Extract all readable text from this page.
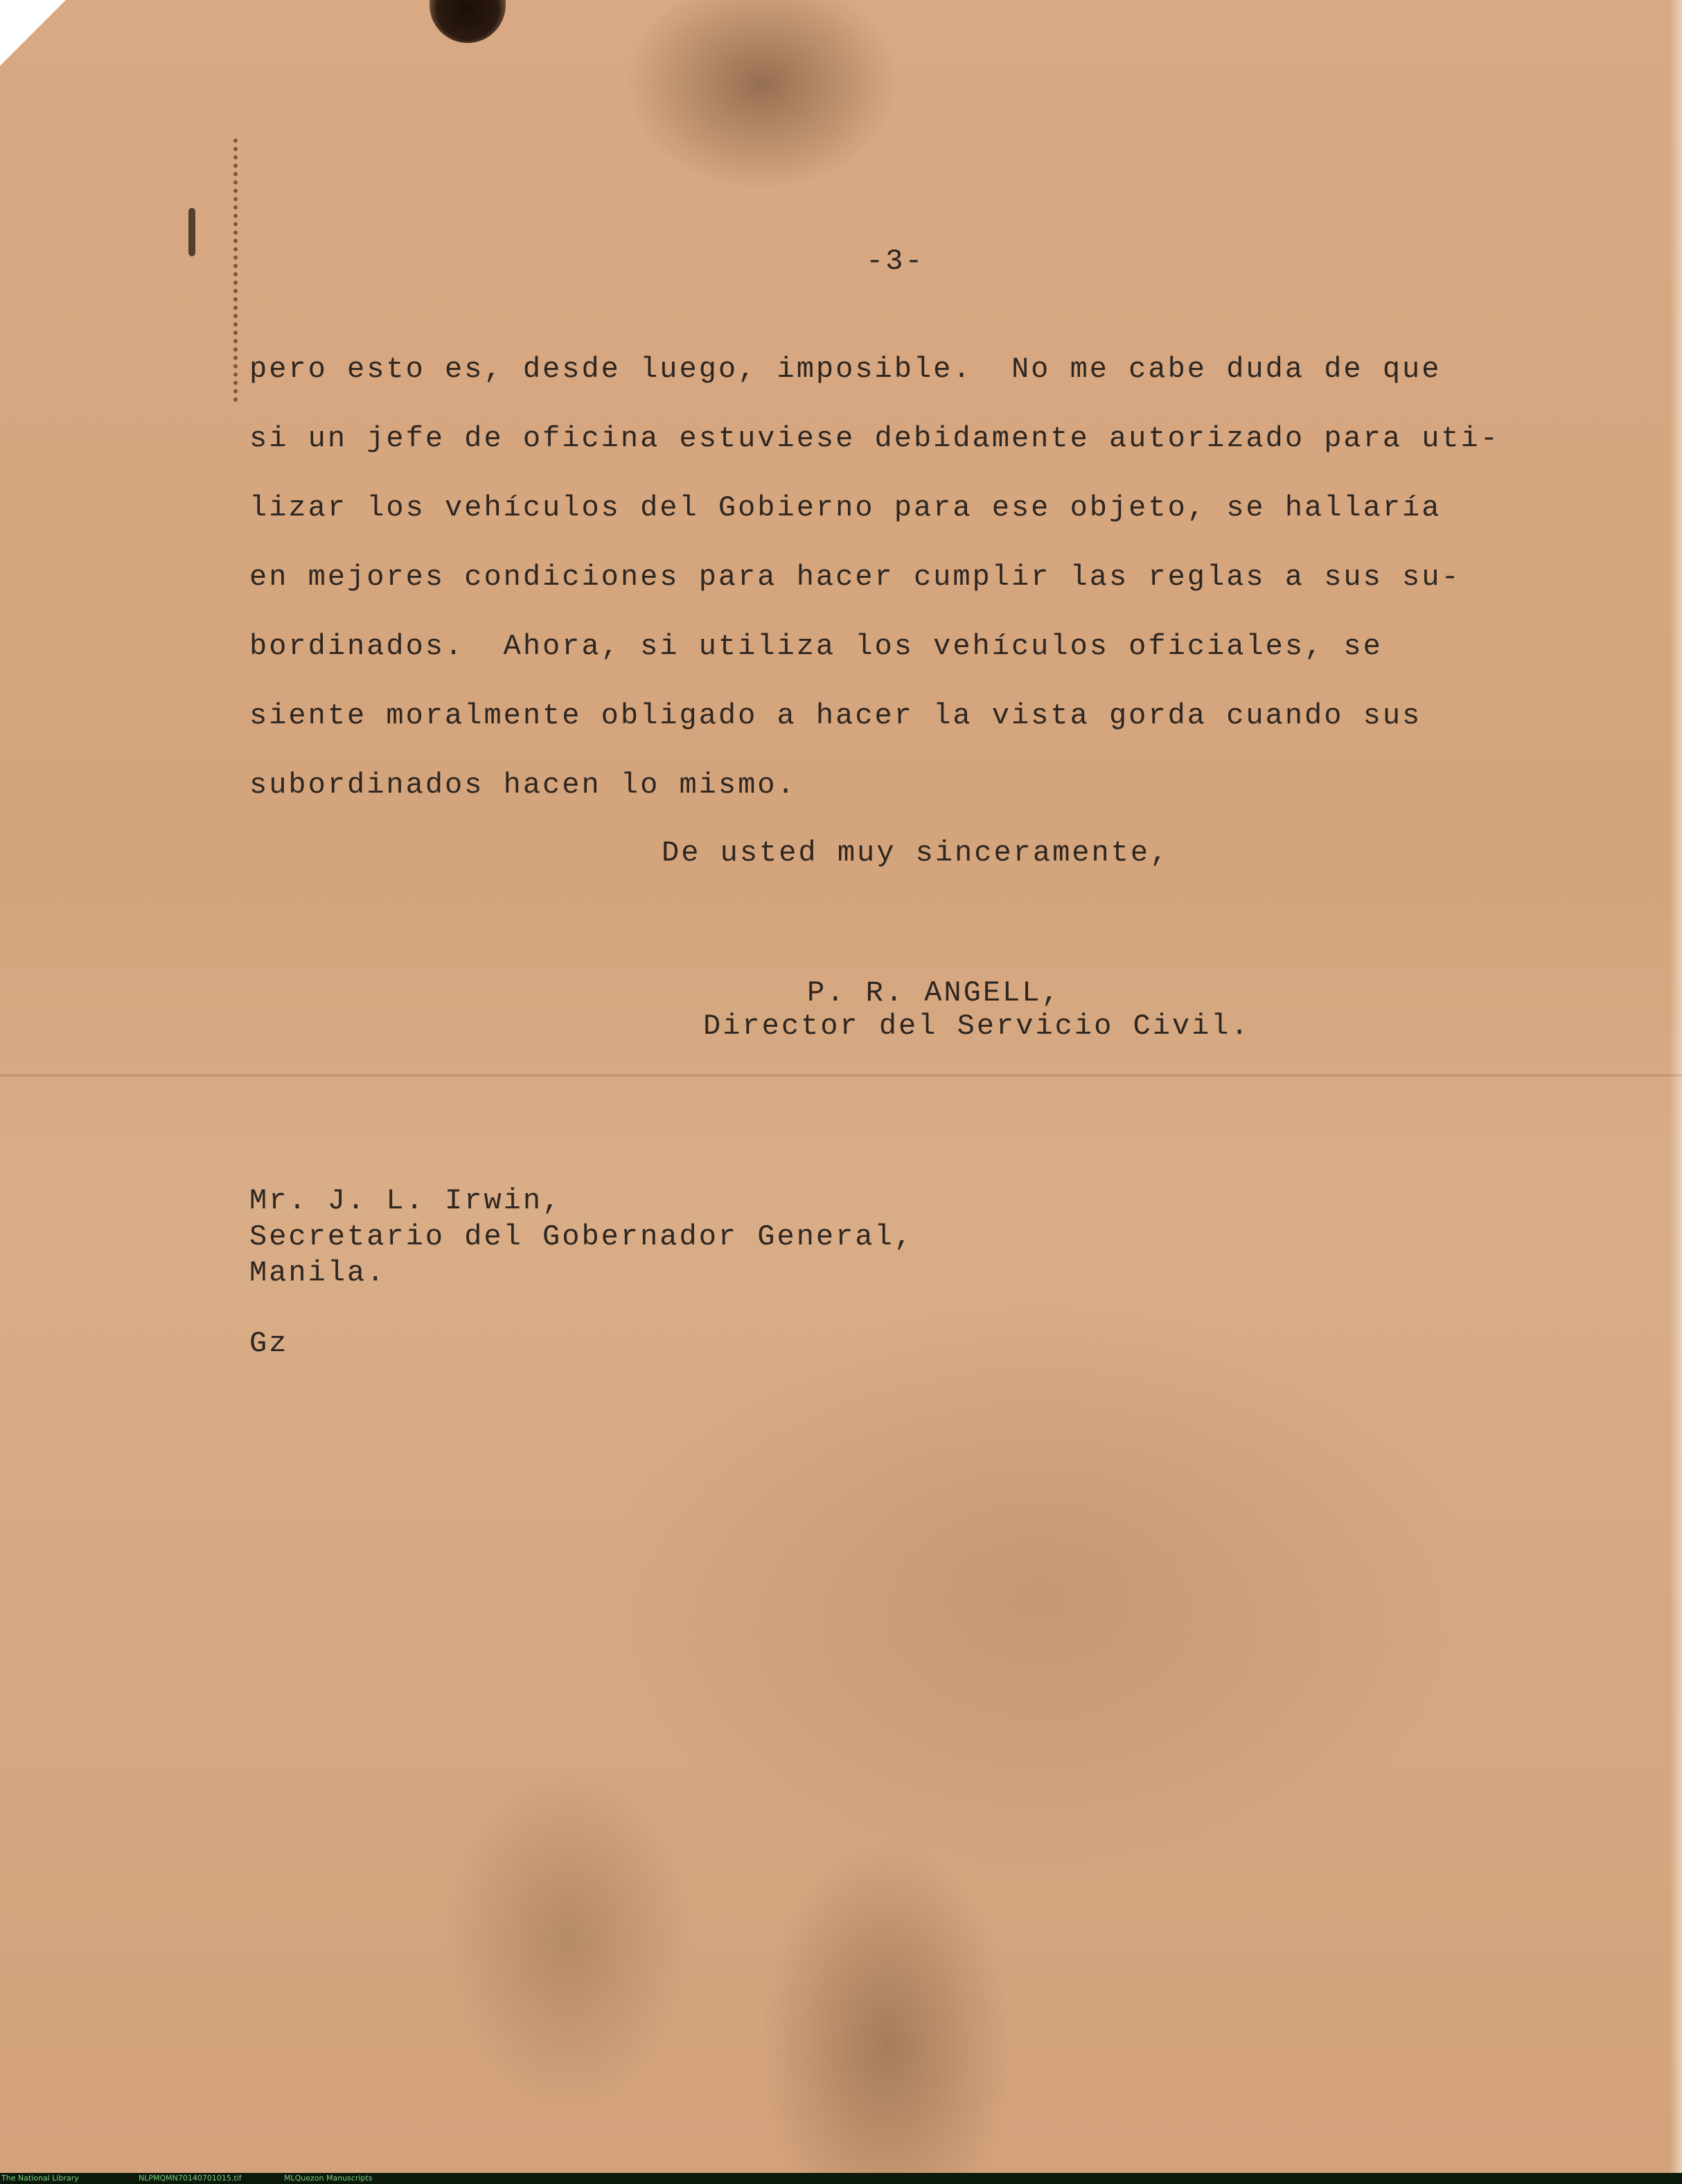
-3-
pero esto es, desde luego, imposible.  No me cabe duda de que
si un jefe de oficina estuviese debidamente autorizado para uti-
lizar los vehículos del Gobierno para ese objeto, se hallaría
en mejores condiciones para hacer cumplir las reglas a sus su-
bordinados.  Ahora, si utiliza los vehículos oficiales, se
siente moralmente obligado a hacer la vista gorda cuando sus
subordinados hacen lo mismo.
De usted muy sinceramente,
P. R. ANGELL,
Director del Servicio Civil.
Mr. J. L. Irwin,
Secretario del Gobernador General,
Manila.
Gz
The National Library	NLPMQMN70140701015.tif	MLQuezon Manuscripts
